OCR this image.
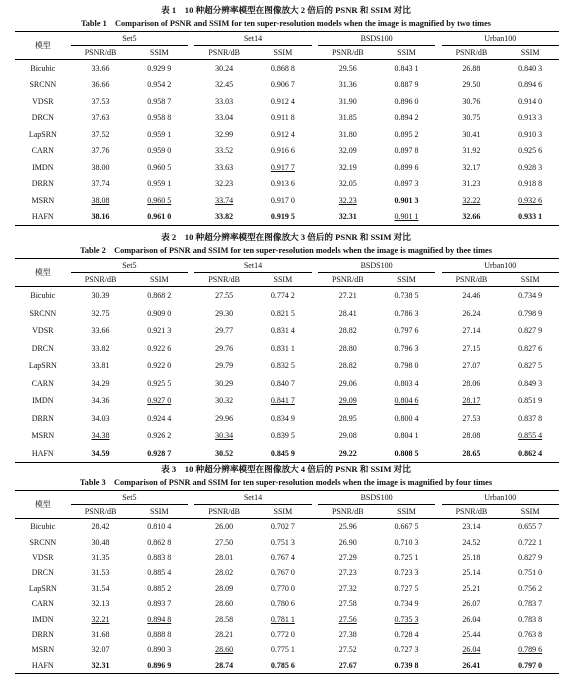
表 1　10 种超分辨率模型在图像放大 2 倍后的 PSNR 和 SSIM 对比
Table 1　Comparison of PSNR and SSIM for ten super-resolution models when the image is magnified by two times
模型	Set5			Set14			BSDS100			Urban100	
	PSNR/dB	SSIM		PSNR/dB	SSIM		PSNR/dB	SSIM		PSNR/dB	SSIM
Bicubic	33.66	0.929 9		30.24	0.868 8		29.56	0.843 1		26.88	0.840 3
SRCNN	36.66	0.954 2		32.45	0.906 7		31.36	0.887 9		29.50	0.894 6
VDSR	37.53	0.958 7		33.03	0.912 4		31.90	0.896 0		30.76	0.914 0
DRCN	37.63	0.958 8		33.04	0.911 8		31.85	0.894 2		30.75	0.913 3
LapSRN	37.52	0.959 1		32.99	0.912 4		31.80	0.895 2		30.41	0.910 3
CARN	37.76	0.959 0		33.52	0.916 6		32.09	0.897 8		31.92	0.925 6
IMDN	38.00	0.960 5		33.63	0.917 7		32.19	0.899 6		32.17	0.928 3
DRRN	37.74	0.959 1		32.23	0.913 6		32.05	0.897 3		31.23	0.918 8
MSRN	38.08	0.960 5		33.74	0.917 0		32.23	0.901 3		32.22	0.932 6
HAFN	38.16	0.961 0		33.82	0.919 5		32.31	0.901 1		32.66	0.933 1
表 2　10 种超分辨率模型在图像放大 3 倍后的 PSNR 和 SSIM 对比
Table 2　Comparison of PSNR and SSIM for ten super-resolution models when the image is magnified by thee times
模型	Set5			Set14			BSDS100			Urban100	
	PSNR/dB	SSIM		PSNR/dB	SSIM		PSNR/dB	SSIM		PSNR/dB	SSIM
Bicubic	30.39	0.868 2		27.55	0.774 2		27.21	0.738 5		24.46	0.734 9
SRCNN	32.75	0.909 0		29.30	0.821 5		28.41	0.786 3		26.24	0.798 9
VDSR	33.66	0.921 3		29.77	0.831 4		28.82	0.797 6		27.14	0.827 9
DRCN	33.82	0.922 6		29.76	0.831 1		28.80	0.796 3		27.15	0.827 6
LapSRN	33.81	0.922 0		29.79	0.832 5		28.82	0.798 0		27.07	0.827 5
CARN	34.29	0.925 5		30.29	0.840 7		29.06	0.803 4		28.06	0.849 3
IMDN	34.36	0.927 0		30.32	0.841 7		29.09	0.804 6		28.17	0.851 9
DRRN	34.03	0.924 4		29.96	0.834 9		28.95	0.800 4		27.53	0.837 8
MSRN	34.38	0.926 2		30.34	0.839 5		29.08	0.804 1		28.08	0.855 4
HAFN	34.59	0.928 7		30.52	0.845 9		29.22	0.808 5		28.65	0.862 4
表 3　10 种超分辨率模型在图像放大 4 倍后的 PSNR 和 SSIM 对比
Table 3　Comparison of PSNR and SSIM for ten super-resolution models when the image is magnified by four times
模型	Set5			Set14			BSDS100			Urban100	
	PSNR/dB	SSIM		PSNR/dB	SSIM		PSNR/dB	SSIM		PSNR/dB	SSIM
Bicubic	28.42	0.810 4		26.00	0.702 7		25.96	0.667 5		23.14	0.655 7
SRCNN	30.48	0.862 8		27.50	0.751 3		26.90	0.710 3		24.52	0.722 1
VDSR	31.35	0.883 8		28.01	0.767 4		27.29	0.725 1		25.18	0.827 9
DRCN	31.53	0.885 4		28.02	0.767 0		27.23	0.723 3		25.14	0.751 0
LapSRN	31.54	0.885 2		28.09	0.770 0		27.32	0.727 5		25.21	0.756 2
CARN	32.13	0.893 7		28.60	0.780 6		27.58	0.734 9		26.07	0.783 7
IMDN	32.21	0.894 8		28.58	0.781 1		27.56	0.735 3		26.04	0.783 8
DRRN	31.68	0.888 8		28.21	0.772 0		27.38	0.728 4		25.44	0.763 8
MSRN	32.07	0.890 3		28.60	0.775 1		27.52	0.727 3		26.04	0.789 6
HAFN	32.31	0.896 9		28.74	0.785 6		27.67	0.739 8		26.41	0.797 0
